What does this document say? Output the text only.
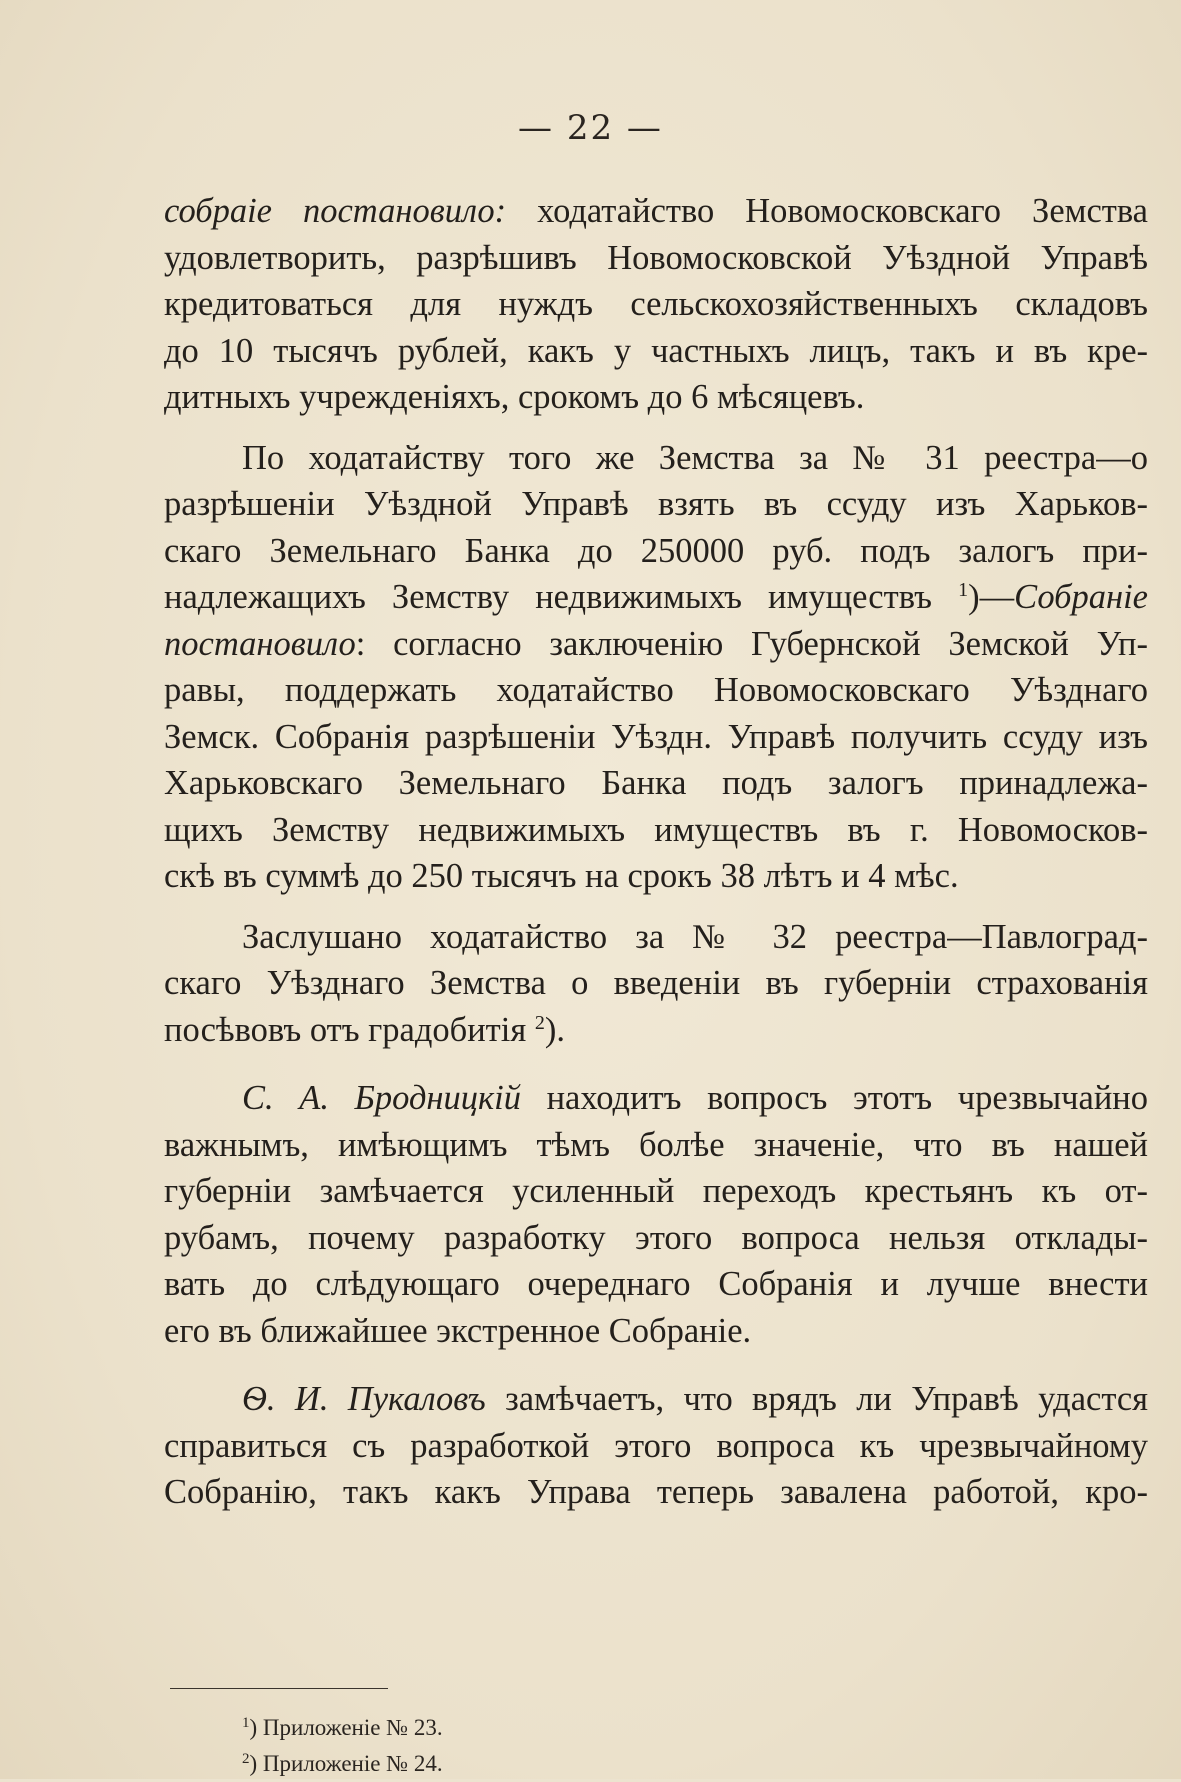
— 22 —

собраіе постановило: ходатайство Новомосковскаго Земства
удовлетворить, разрѣшивъ Новомосковской Уѣздной Управѣ
кредитоваться для нуждъ сельскохозяйственныхъ складовъ
до 10 тысячъ рублей, какъ у частныхъ лицъ, такъ и въ кре-
дитныхъ учрежденіяхъ, срокомъ до 6 мѣсяцевъ.

По ходатайству того же Земства за № 31 реестра—о
разрѣшеніи Уѣздной Управѣ взять въ ссуду изъ Харьков-
скаго Земельнаго Банка до 250000 руб. подъ залогъ при-
надлежащихъ Земству недвижимыхъ имуществъ $^1$)—Собраніе
постановило: согласно заключенію Губернской Земской Уп-
равы, поддержать ходатайство Новомосковскаго Уѣзднаго
Земск. Собранія разрѣшеніи Уѣздн. Управѣ получить ссуду изъ
Харьковскаго Земельнаго Банка подъ залогъ принадлежа-
щихъ Земству недвижимыхъ имуществъ въ г. Новомосков-
скѣ въ суммѣ до 250 тысячъ на срокъ 38 лѣтъ и 4 мѣс.

Заслушано ходатайство за № 32 реестра—Павлоград-
скаго Уѣзднаго Земства о введеніи въ губерніи страхованія
посѣвовъ отъ градобитія $^2$).

С. А. Бродницкій находитъ вопросъ этотъ чрезвычайно
важнымъ, имѣющимъ тѣмъ болѣе значеніе, что въ нашей
губерніи замѣчается усиленный переходъ крестьянъ къ от-
рубамъ, почему разработку этого вопроса нельзя отклады-
вать до слѣдующаго очереднаго Собранія и лучше внести
его въ ближайшее экстренное Собраніе.

Ѳ. И. Пукаловъ замѣчаетъ, что врядъ ли Управѣ удастся
справиться съ разработкой этого вопроса къ чрезвычайному
Собранію, такъ какъ Управа теперь завалена работой, кро-

$^1$) Приложеніе № 23.
$^2$) Приложеніе № 24.
